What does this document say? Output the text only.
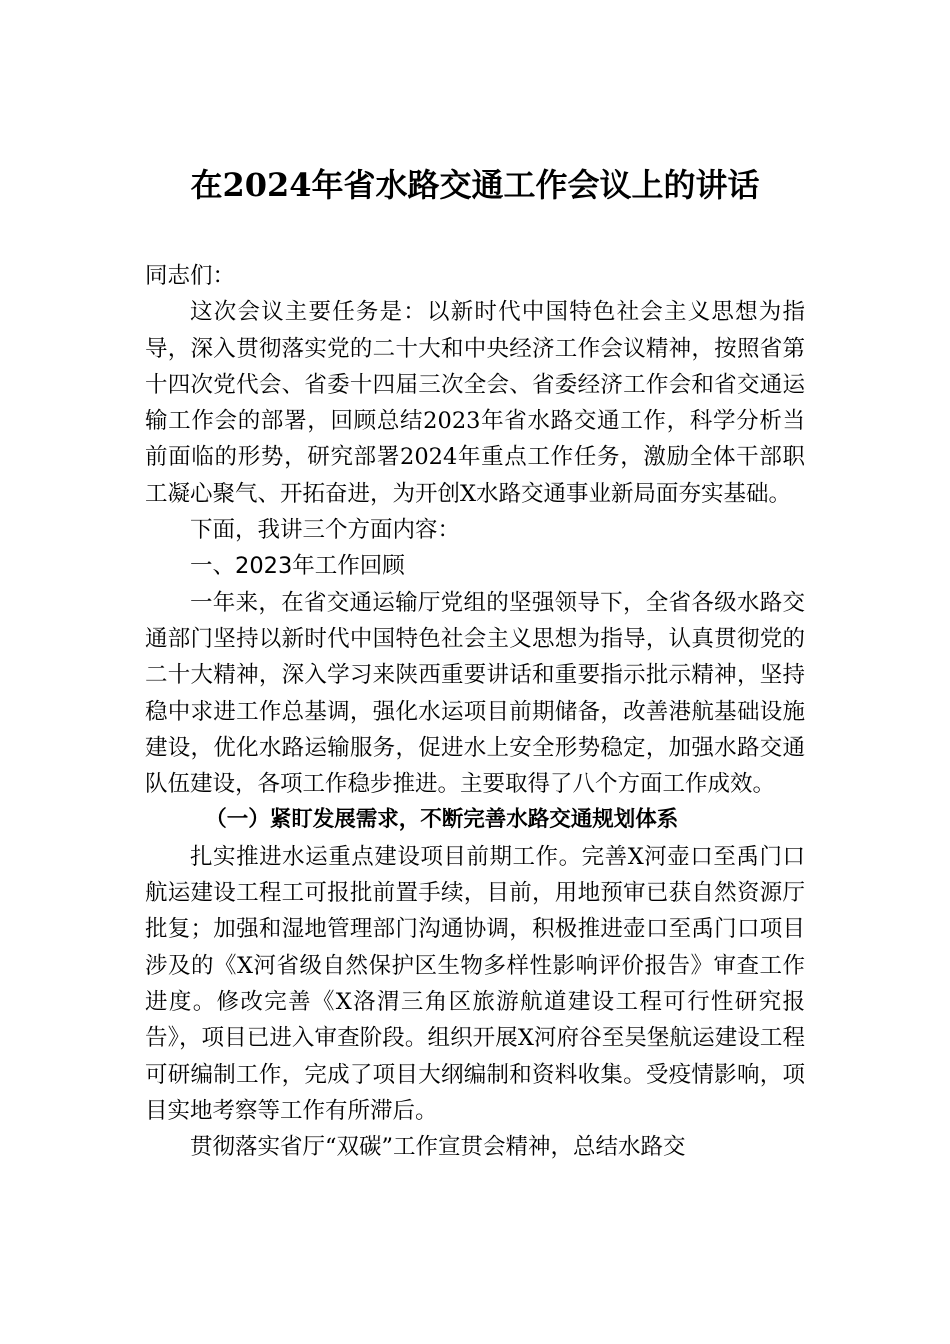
在2024年省水路交通工作会议上的讲话

同志们：

这次会议主要任务是：以新时代中国特色社会主义思想为指导，深入贯彻落实党的二十大和中央经济工作会议精神，按照省第十四次党代会、省委十四届三次全会、省委经济工作会和省交通运输工作会的部署，回顾总结2023年省水路交通工作，科学分析当前面临的形势，研究部署2024年重点工作任务，激励全体干部职工凝心聚气、开拓奋进，为开创X水路交通事业新局面夯实基础。

下面，我讲三个方面内容：

一、2023年工作回顾

一年来，在省交通运输厅党组的坚强领导下，全省各级水路交通部门坚持以新时代中国特色社会主义思想为指导，认真贯彻党的二十大精神，深入学习来陕西重要讲话和重要指示批示精神，坚持稳中求进工作总基调，强化水运项目前期储备，改善港航基础设施建设，优化水路运输服务，促进水上安全形势稳定，加强水路交通队伍建设，各项工作稳步推进。主要取得了八个方面工作成效。

（一）紧盯发展需求，不断完善水路交通规划体系

扎实推进水运重点建设项目前期工作。完善X河壶口至禹门口航运建设工程工可报批前置手续，目前，用地预审已获自然资源厅批复；加强和湿地管理部门沟通协调，积极推进壶口至禹门口项目涉及的《X河省级自然保护区生物多样性影响评价报告》审查工作进度。修改完善《X洛渭三角区旅游航道建设工程可行性研究报告》，项目已进入审查阶段。组织开展X河府谷至吴堡航运建设工程可研编制工作，完成了项目大纲编制和资料收集。受疫情影响，项目实地考察等工作有所滞后。

贯彻落实省厅“双碳”工作宣贯会精神，总结水路交
